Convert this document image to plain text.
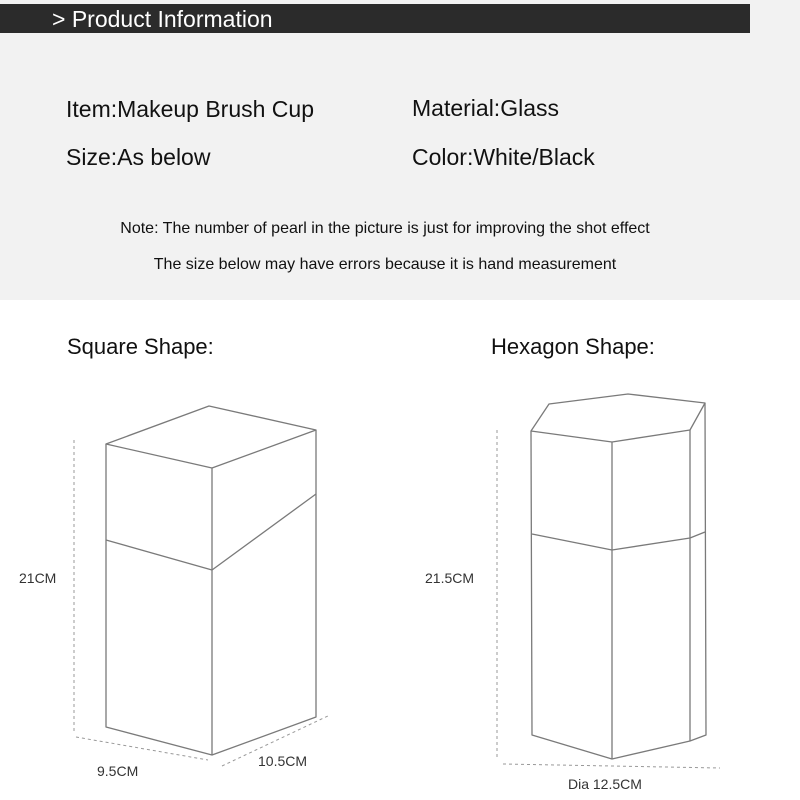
> Product Information
Item:Makeup Brush Cup	Material:Glass
Size:As below	Color:White/Black
Note: The number of pearl in the picture is just for improving the shot effect
The size below may have errors because it is hand measurement
Square Shape:	Hexagon Shape:
21CM
9.5CM
10.5CM
21.5CM
Dia 12.5CM
